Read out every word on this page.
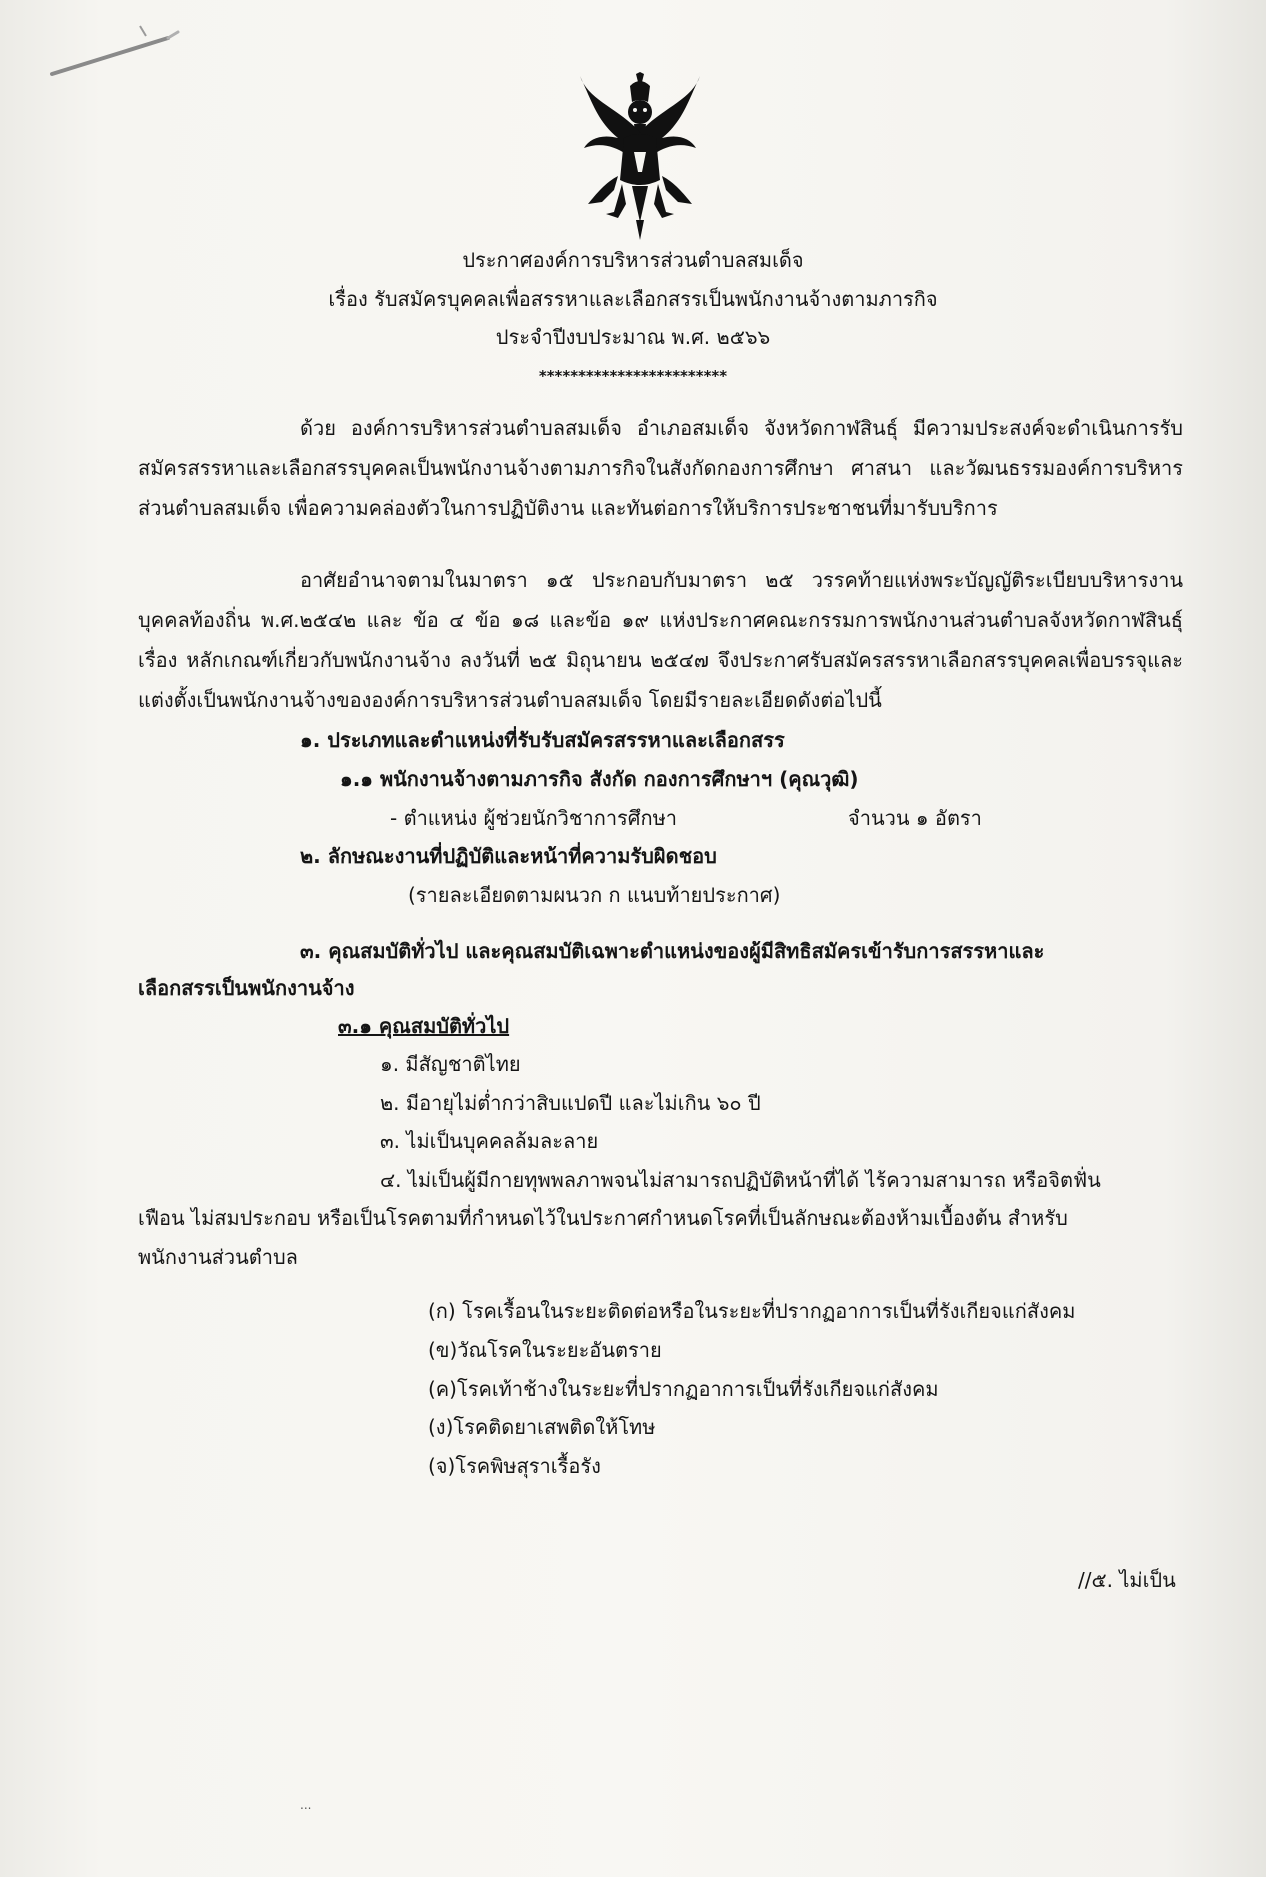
ประกาศองค์การบริหารส่วนตำบลสมเด็จ
เรื่อง รับสมัครบุคคลเพื่อสรรหาและเลือกสรรเป็นพนักงานจ้างตามภารกิจ
ประจำปีงบประมาณ พ.ศ. ๒๕๖๖
************************
ด้วย องค์การบริหารส่วนตำบลสมเด็จ อำเภอสมเด็จ จังหวัดกาฬสินธุ์ มีความประสงค์จะดำเนินการรับสมัครสรรหาและเลือกสรรบุคคลเป็นพนักงานจ้างตามภารกิจในสังกัดกองการศึกษา ศาสนา และวัฒนธรรมองค์การบริหารส่วนตำบลสมเด็จ เพื่อความคล่องตัวในการปฏิบัติงาน และทันต่อการให้บริการประชาชนที่มารับบริการ
อาศัยอำนาจตามในมาตรา ๑๕ ประกอบกับมาตรา ๒๕ วรรคท้ายแห่งพระบัญญัติระเบียบบริหารงานบุคคลท้องถิ่น พ.ศ.๒๕๔๒ และ ข้อ ๔ ข้อ ๑๘ และข้อ ๑๙ แห่งประกาศคณะกรรมการพนักงานส่วนตำบลจังหวัดกาฬสินธุ์ เรื่อง หลักเกณฑ์เกี่ยวกับพนักงานจ้าง ลงวันที่ ๒๕ มิถุนายน ๒๕๔๗ จึงประกาศรับสมัครสรรหาเลือกสรรบุคคลเพื่อบรรจุและแต่งตั้งเป็นพนักงานจ้างขององค์การบริหารส่วนตำบลสมเด็จ โดยมีรายละเอียดดังต่อไปนี้
๑. ประเภทและตำแหน่งที่รับรับสมัครสรรหาและเลือกสรร
๑.๑ พนักงานจ้างตามภารกิจ สังกัด กองการศึกษาฯ (คุณวุฒิ)
- ตำแหน่ง ผู้ช่วยนักวิชาการศึกษา	จำนวน ๑ อัตรา
๒. ลักษณะงานที่ปฏิบัติและหน้าที่ความรับผิดชอบ
(รายละเอียดตามผนวก ก แนบท้ายประกาศ)
๓. คุณสมบัติทั่วไป และคุณสมบัติเฉพาะตำแหน่งของผู้มีสิทธิสมัครเข้ารับการสรรหาและ
เลือกสรรเป็นพนักงานจ้าง
๓.๑ คุณสมบัติทั่วไป
๑. มีสัญชาติไทย
๒. มีอายุไม่ต่ำกว่าสิบแปดปี และไม่เกิน ๖๐ ปี
๓. ไม่เป็นบุคคลล้มละลาย
๔. ไม่เป็นผู้มีกายทุพพลภาพจนไม่สามารถปฏิบัติหน้าที่ได้ ไร้ความสามารถ หรือจิตฟั่น
เฟือน ไม่สมประกอบ หรือเป็นโรคตามที่กำหนดไว้ในประกาศกำหนดโรคที่เป็นลักษณะต้องห้ามเบื้องต้น สำหรับ
พนักงานส่วนตำบล
(ก) โรคเรื้อนในระยะติดต่อหรือในระยะที่ปรากฏอาการเป็นที่รังเกียจแก่สังคม
(ข)วัณโรคในระยะอันตราย
(ค)โรคเท้าช้างในระยะที่ปรากฏอาการเป็นที่รังเกียจแก่สังคม
(ง)โรคติดยาเสพติดให้โทษ
(จ)โรคพิษสุราเรื้อรัง
//๕. ไม่เป็น
...
